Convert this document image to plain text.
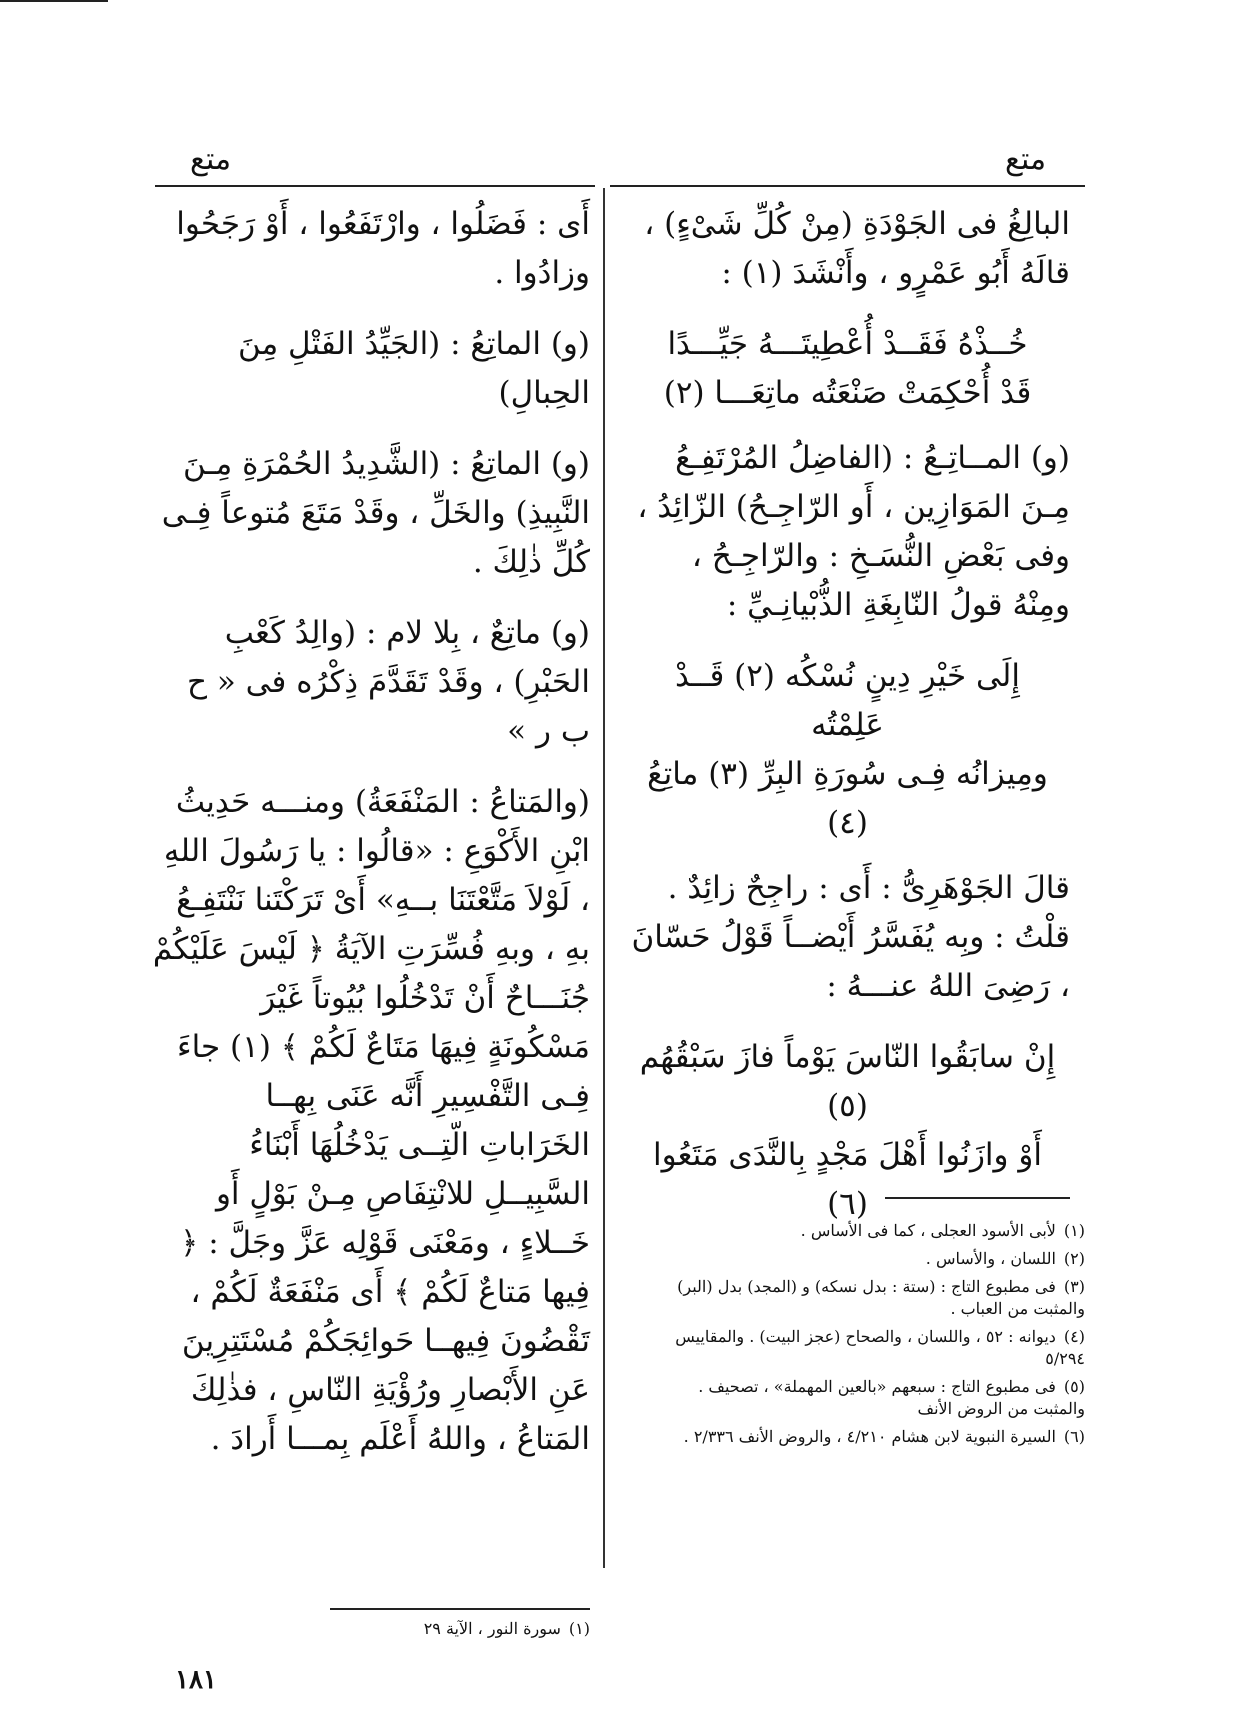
متع	متع

البالِغُ فى الجَوْدَةِ (مِنْ كُلِّ شَىْءٍ) ، قالَهُ أَبُو عَمْرٍو ، وأَنْشَدَ (١) :

خُــذْهُ فَقَــدْ أُعْطِيتَـــهُ جَيِّـــدًا
قَدْ أُحْكِمَتْ صَنْعَتُه ماتِعَـــا (٢)

(و) المــاتِـعُ : (الفاضِلُ المُرْتَفِـعُ مِـنَ المَوَازِين ، أَو الرّاجِـحُ) الزّائِدُ ، وفى بَعْضِ النُّسَـخِ : والرّاجِـحُ ، ومِنْهُ قولُ النّابِغَةِ الذُّبْيانِـيِّ :

إِلَى خَيْرِ دِينٍ نُسْكُه (٢) قَــدْ عَلِمْتُه
ومِيزانُه فِـى سُورَةِ البِرِّ (٣) ماتِعُ (٤)

قالَ الجَوْهَرِىُّ : أَى : راجِحٌ زائِدٌ . قلْتُ : وبِه يُفَسَّرُ أَيْضــاً قَوْلُ حَسّانَ ، رَضِىَ اللهُ عنـــهُ :

إِنْ سابَقُوا النّاسَ يَوْماً فازَ سَبْقُهُم (٥)
أَوْ وازَنُوا أَهْلَ مَجْدٍ بِالنَّدَى مَتَعُوا (٦)
(١)لأبى الأسود العجلى ، كما فى الأساس .
(٢)اللسان ، والأساس .
(٣)فى مطبوع التاج : (ستة : بدل نسكه) و (المجد) بدل (البر) والمثبت من العباب .
(٤)ديوانه : ٥٢ ، واللسان ، والصحاح (عجز البيت) . والمقاييس ٥/٢٩٤
(٥)فى مطبوع التاج : سبعهم «بالعين المهملة» ، تصحيف . والمثبت من الروض الأنف
(٦)السيرة النبوية لابن هشام ٤/٢١٠ ، والروض الأنف ٢/٣٣٦ .

أَى : فَضَلُوا ، وارْتَفَعُوا ، أَوْ رَجَحُوا وزادُوا .

(و) الماتِعُ : (الجَيِّدُ الفَتْلِ مِنَ الحِبالِ)

(و) الماتِعُ : (الشَّدِيدُ الحُمْرَةِ مِـنَ النَّبِيذِ) والخَلِّ ، وقَدْ مَتَعَ مُتوعاً فِـى كُلِّ ذٰلِكَ .

(و) ماتِعٌ ، بِلا لام : (والِدُ كَعْبِ الحَبْرِ) ، وقَدْ تَقَدَّمَ ذِكْرُه فى « ح ب ر »

(والمَتاعُ : المَنْفَعَةُ) ومنـــه حَدِيثُ ابْنِ الأَكْوَعِ : «قالُوا : يا رَسُولَ اللهِ ، لَوْلاَ مَتَّعْتَنَا بــهِ» أَىْ تَرَكْتَنا نَنْتَفِـعُ بهِ ، وبهِ فُسِّرَتِ الآيَةُ ﴿ لَيْسَ عَلَيْكُمْ جُنَـــاحٌ أَنْ تَدْخُلُوا بُيُوتاً غَيْرَ مَسْكُونَةٍ فِيهَا مَتَاعٌ لَكُمْ ﴾ (١) جاءَ فِـى التَّفْسِيرِ أَنَّه عَنَى بِهــا الخَرَاباتِ الّتِــى يَدْخُلُهَا أَبْنَاءُ السَّبِيــلِ للانْتِفَاصِ مِـنْ بَوْلٍ أَو خَــلاءٍ ، ومَعْنَى قَوْلِه عَزَّ وجَلَّ : ﴿ فِيها مَتاعٌ لَكُمْ ﴾ أَى مَنْفَعَةٌ لَكُمْ ، تَقْضُونَ فِيهــا حَوائِجَكُمْ مُسْتَتِرِينَ عَنِ الأَبْصارِ ورُؤْيَةِ النّاسِ ، فذٰلِكَ المَتاعُ ، واللهُ أَعْلَم بِمـــا أَرادَ .

(١)سورة النور ، الآية ٢٩
١٨١
